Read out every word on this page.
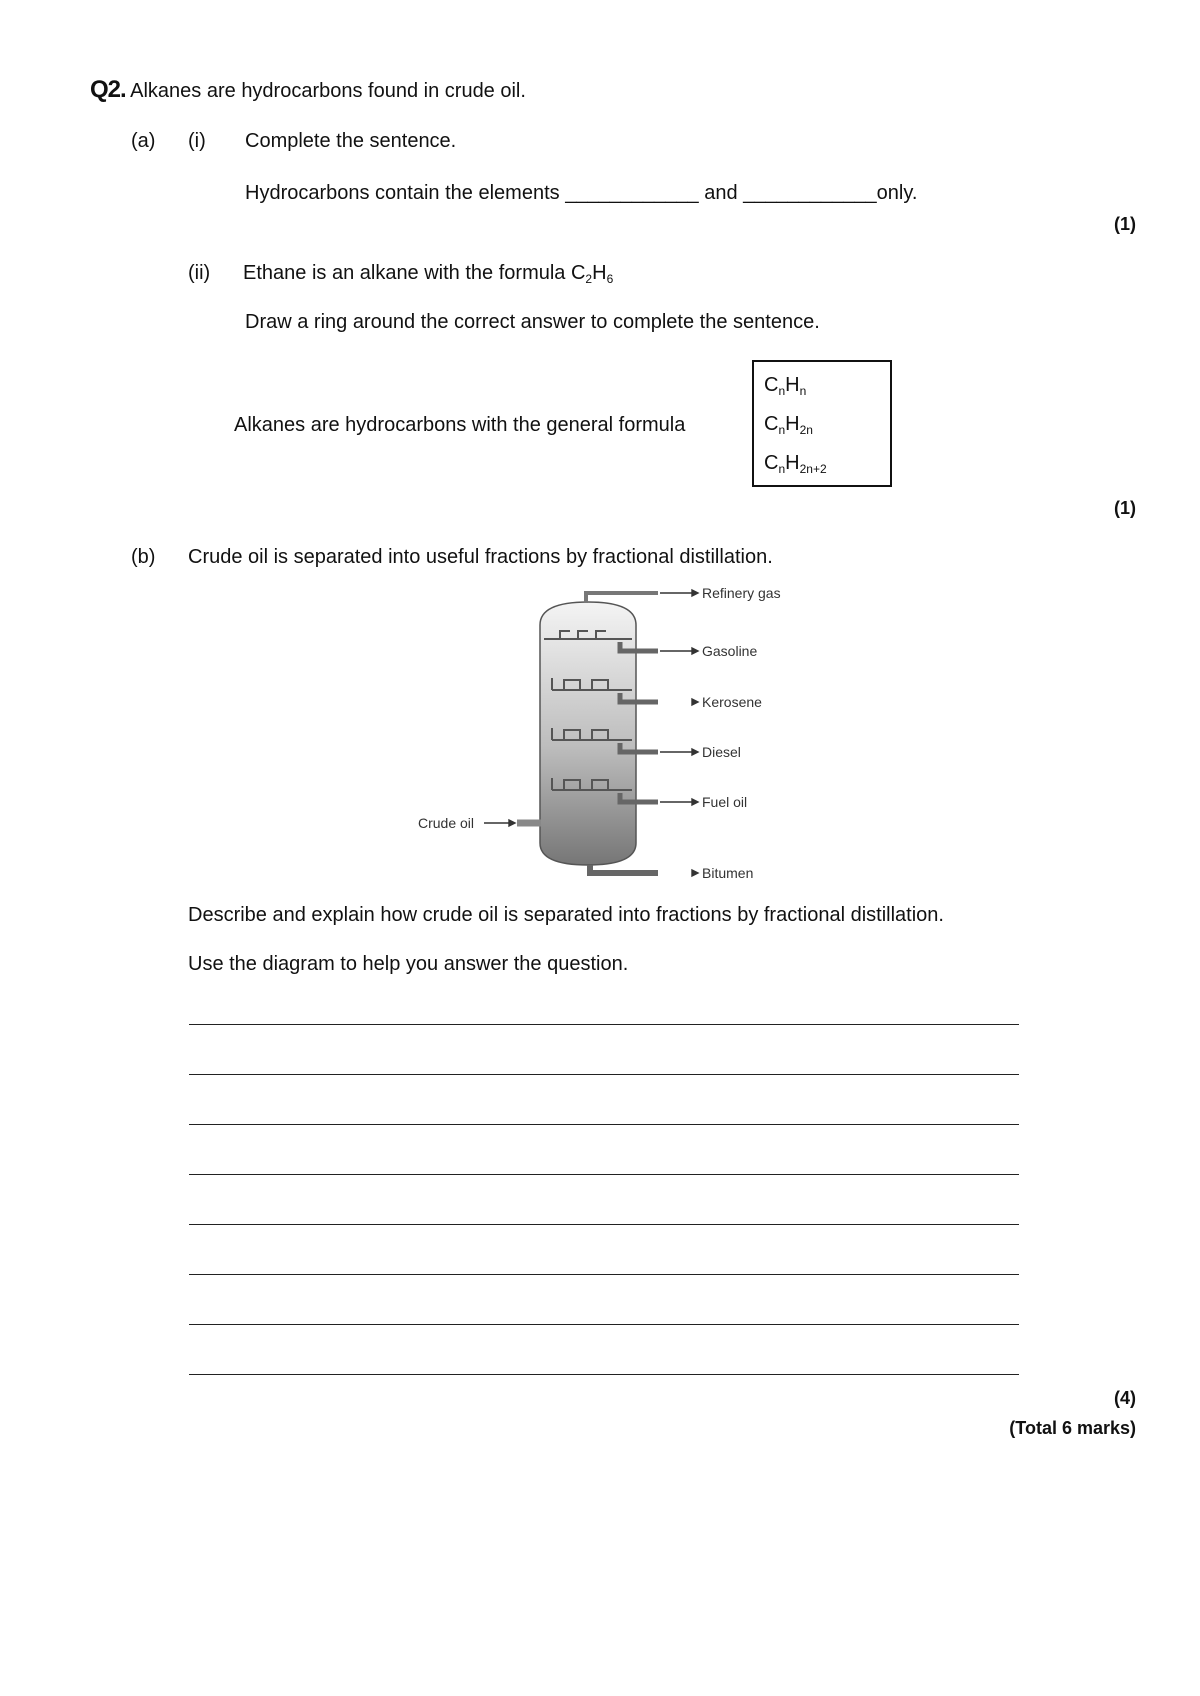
Q2. Alkanes are hydrocarbons found in crude oil.
(a) (i) Complete the sentence.
Hydrocarbons contain the elements ____________ and ____________only.
(1)
(ii) Ethane is an alkane with the formula $C_2H_6$
Draw a ring around the correct answer to complete the sentence.
Alkanes are hydrocarbons with the general formula
$C_nH_n$
$C_nH_{2n}$
$C_nH_{2n+2}$
(1)
(b) Crude oil is separated into useful fractions by fractional distillation.
Refinery gas
Gasoline
Kerosene
Diesel
Fuel oil
Bitumen
Crude oil
Describe and explain how crude oil is separated into fractions by fractional distillation.
Use the diagram to help you answer the question.
(4)
(Total 6 marks)
